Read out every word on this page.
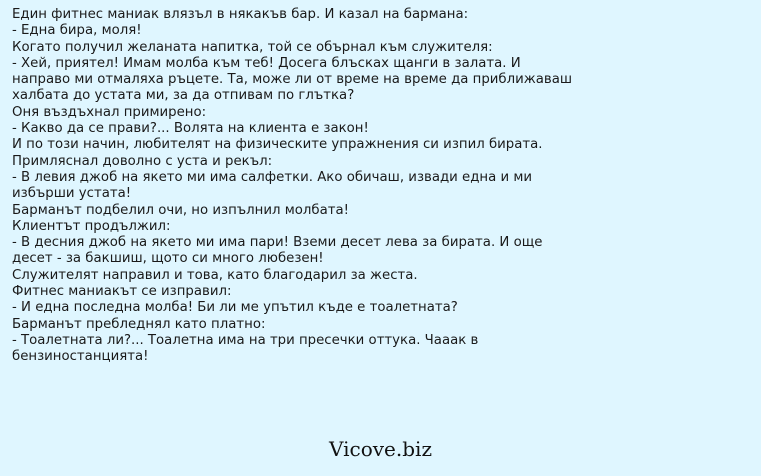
Един фитнес маниак влязъл в някакъв бар. И казал на бармана:
- Една бира, моля!
Когато получил желаната напитка, той се обърнал към служителя:
- Хей, приятел! Имам молба към теб! Досега блъсках щанги в залата. И
направо ми отмаляха ръцете. Та, може ли от време на време да приближаваш
халбата до устата ми, за да отпивам по глътка?
Оня въздъхнал примирено:
- Какво да се прави?... Волята на клиента е закон!
И по този начин, любителят на физическите упражнения си изпил бирата.
Примляснал доволно с уста и рекъл:
- В левия джоб на якето ми има салфетки. Ако обичаш, извади една и ми
избърши устата!
Барманът подбелил очи, но изпълнил молбата!
Клиентът продължил:
- В десния джоб на якето ми има пари! Вземи десет лева за бирата. И още
десет - за бакшиш, щото си много любезен!
Служителят направил и това, като благодарил за жеста.
Фитнес маниакът се изправил:
- И една последна молба! Би ли ме упътил къде е тоалетната?
Барманът пребледнял като платно:
- Тоалетната ли?... Тоалетна има на три пресечки оттука. Чааак в
бензиностанцията!
Vicove.biz
